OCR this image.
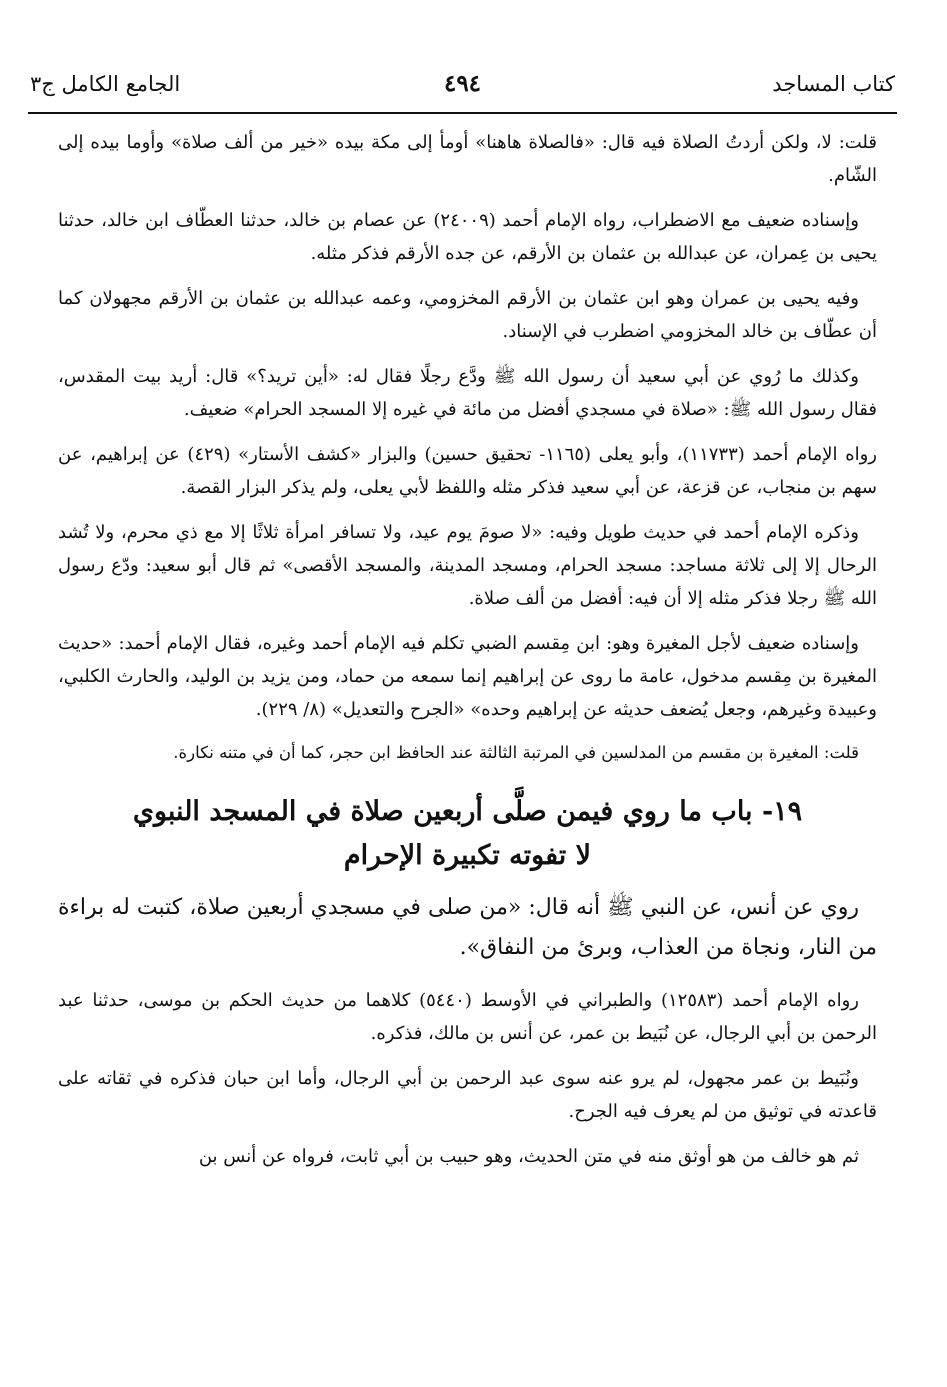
كتاب المساجد
٤٩٤
الجامع الكامل ج٣

قلت: لا، ولكن أردتُ الصلاة فيه قال: «فالصلاة هاهنا» أومأ إلى مكة بيده «خير من ألف صلاة» وأوما بيده إلى الشّام.

وإسناده ضعيف مع الاضطراب، رواه الإمام أحمد (٢٤٠٠٩) عن عصام بن خالد، حدثنا العطّاف ابن خالد، حدثنا يحيى بن عِمران، عن عبدالله بن عثمان بن الأرقم، عن جده الأرقم فذكر مثله.

وفيه يحيى بن عمران وهو ابن عثمان بن الأرقم المخزومي، وعمه عبدالله بن عثمان بن الأرقم مجهولان كما أن عطّاف بن خالد المخزومي اضطرب في الإسناد.

وكذلك ما رُوي عن أبي سعيد أن رسول الله ﷺ ودَّع رجلًا فقال له: «أين تريد؟» قال: أريد بيت المقدس، فقال رسول الله ﷺ: «صلاة في مسجدي أفضل من مائة في غيره إلا المسجد الحرام» ضعيف.

رواه الإمام أحمد (١١٧٣٣)، وأبو يعلى (١١٦٥- تحقيق حسين) والبزار «كشف الأستار» (٤٢٩) عن إبراهيم، عن سهم بن منجاب، عن قزعة، عن أبي سعيد فذكر مثله واللفظ لأبي يعلى، ولم يذكر البزار القصة.

وذكره الإمام أحمد في حديث طويل وفيه: «لا صومَ يوم عيد، ولا تسافر امرأة ثلاثًا إلا مع ذي محرم، ولا تُشد الرحال إلا إلى ثلاثة مساجد: مسجد الحرام، ومسجد المدينة، والمسجد الأقصى» ثم قال أبو سعيد: ودّع رسول الله ﷺ رجلا فذكر مثله إلا أن فيه: أفضل من ألف صلاة.

وإسناده ضعيف لأجل المغيرة وهو: ابن مِقسم الضبي تكلم فيه الإمام أحمد وغيره، فقال الإمام أحمد: «حديث المغيرة بن مِقسم مدخول، عامة ما روى عن إبراهيم إنما سمعه من حماد، ومن يزيد بن الوليد، والحارث الكلبي، وعبيدة وغيرهم، وجعل يُضعف حديثه عن إبراهيم وحده» «الجرح والتعديل» (٨/ ٢٢٩).

قلت: المغيرة بن مقسم من المدلسين في المرتبة الثالثة عند الحافظ ابن حجر، كما أن في متنه نكارة.

١٩- باب ما روي فيمن صلَّى أربعين صلاة في المسجد النبوي
لا تفوته تكبيرة الإحرام

روي عن أنس، عن النبي ﷺ أنه قال: «من صلى في مسجدي أربعين صلاة، كتبت له براءة من النار، ونجاة من العذاب، وبرئ من النفاق».

رواه الإمام أحمد (١٢٥٨٣) والطبراني في الأوسط (٥٤٤٠) كلاهما من حديث الحكم بن موسى، حدثنا عبد الرحمن بن أبي الرجال، عن نُبَيط بن عمر، عن أنس بن مالك، فذكره.

ونُبَيط بن عمر مجهول، لم يرو عنه سوى عبد الرحمن بن أبي الرجال، وأما ابن حبان فذكره في ثقاته على قاعدته في توثيق من لم يعرف فيه الجرح.

ثم هو خالف من هو أوثق منه في متن الحديث، وهو حبيب بن أبي ثابت، فرواه عن أنس بن
